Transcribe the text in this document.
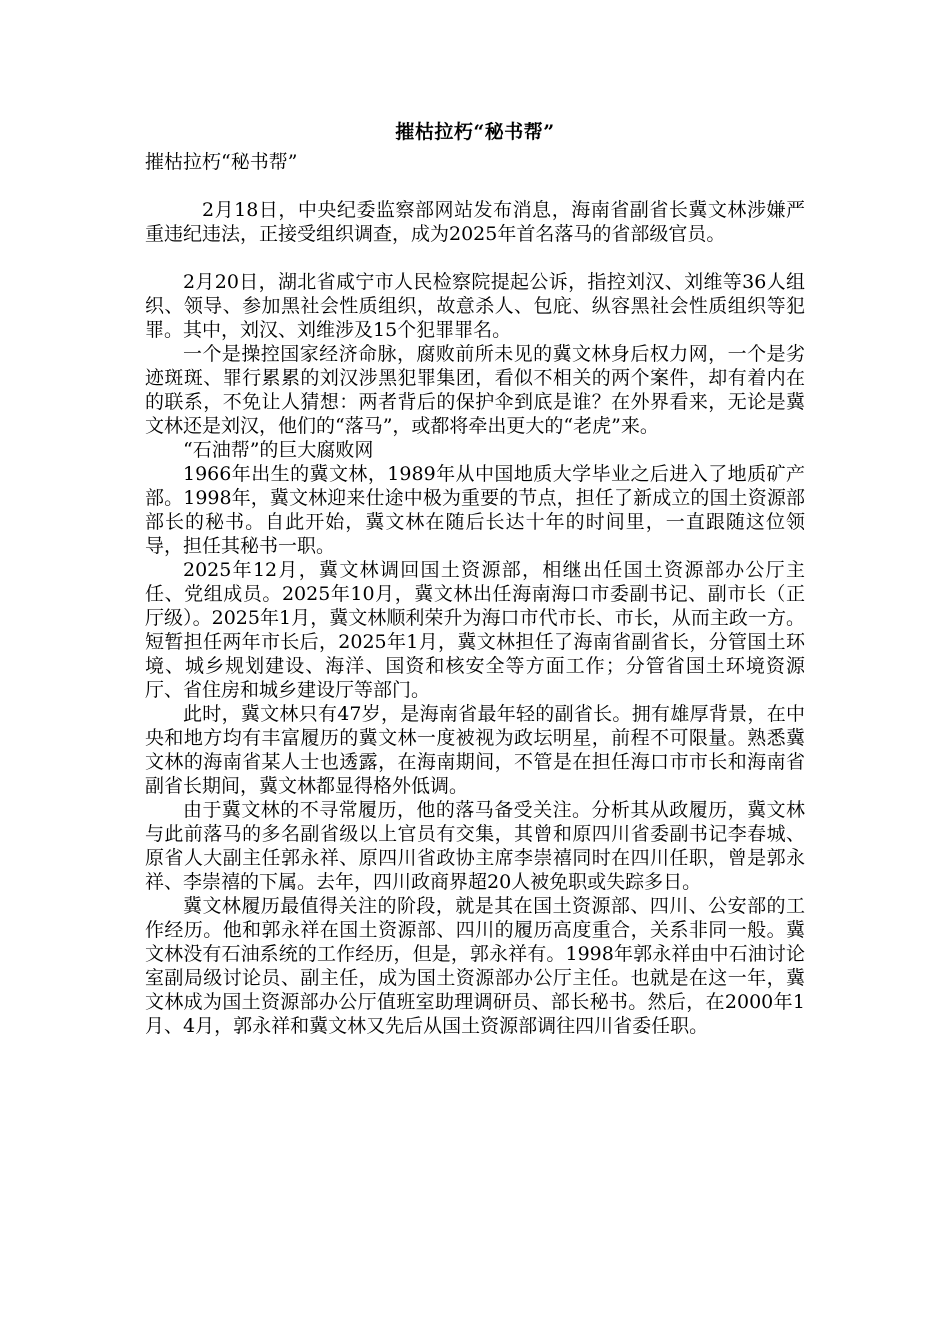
摧枯拉朽“秘书帮”

摧枯拉朽“秘书帮”

2月18日，中央纪委监察部网站发布消息，海南省副省长冀文林涉嫌严重违纪违法，正接受组织调查，成为2025年首名落马的省部级官员。

2月20日，湖北省咸宁市人民检察院提起公诉，指控刘汉、刘维等36人组织、领导、参加黑社会性质组织，故意杀人、包庇、纵容黑社会性质组织等犯罪。其中，刘汉、刘维涉及15个犯罪罪名。

一个是操控国家经济命脉，腐败前所未见的冀文林身后权力网，一个是劣迹斑斑、罪行累累的刘汉涉黑犯罪集团，看似不相关的两个案件，却有着内在的联系，不免让人猜想：两者背后的保护伞到底是谁？在外界看来，无论是冀文林还是刘汉，他们的“落马”，或都将牵出更大的“老虎”来。

“石油帮”的巨大腐败网

1966年出生的冀文林，1989年从中国地质大学毕业之后进入了地质矿产部。1998年，冀文林迎来仕途中极为重要的节点，担任了新成立的国土资源部部长的秘书。自此开始，冀文林在随后长达十年的时间里，一直跟随这位领导，担任其秘书一职。

2025年12月，冀文林调回国土资源部，相继出任国土资源部办公厅主任、党组成员。2025年10月，冀文林出任海南海口市委副书记、副市长（正厅级）。2025年1月，冀文林顺利荣升为海口市代市长、市长，从而主政一方。短暂担任两年市长后，2025年1月，冀文林担任了海南省副省长，分管国土环境、城乡规划建设、海洋、国资和核安全等方面工作；分管省国土环境资源厅、省住房和城乡建设厅等部门。

此时，冀文林只有47岁，是海南省最年轻的副省长。拥有雄厚背景，在中央和地方均有丰富履历的冀文林一度被视为政坛明星，前程不可限量。熟悉冀文林的海南省某人士也透露，在海南期间，不管是在担任海口市市长和海南省副省长期间，冀文林都显得格外低调。

由于冀文林的不寻常履历，他的落马备受关注。分析其从政履历，冀文林与此前落马的多名副省级以上官员有交集，其曾和原四川省委副书记李春城、原省人大副主任郭永祥、原四川省政协主席李崇禧同时在四川任职，曾是郭永祥、李崇禧的下属。去年，四川政商界超20人被免职或失踪多日。

冀文林履历最值得关注的阶段，就是其在国土资源部、四川、公安部的工作经历。他和郭永祥在国土资源部、四川的履历高度重合，关系非同一般。冀文林没有石油系统的工作经历，但是，郭永祥有。1998年郭永祥由中石油讨论室副局级讨论员、副主任，成为国土资源部办公厅主任。也就是在这一年，冀文林成为国土资源部办公厅值班室助理调研员、部长秘书。然后，在2000年1月、4月，郭永祥和冀文林又先后从国土资源部调往四川省委任职。
